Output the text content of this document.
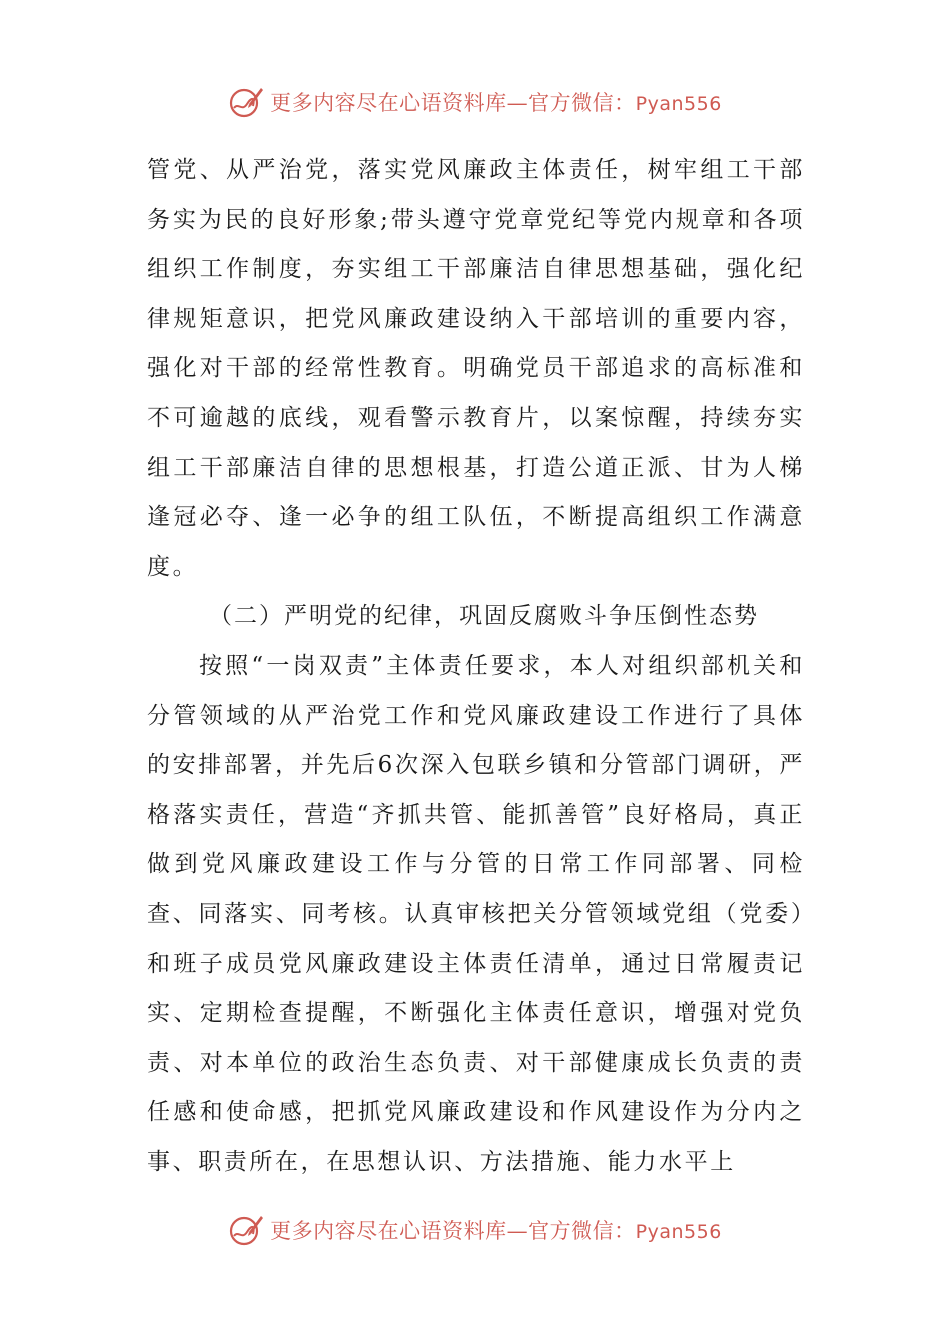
更多内容尽在心语资料库—官方微信：Pyan556

管党、从严治党，落实党风廉政主体责任，树牢组工干部务实为民的良好形象;带头遵守党章党纪等党内规章和各项组织工作制度，夯实组工干部廉洁自律思想基础，强化纪律规矩意识，把党风廉政建设纳入干部培训的重要内容，强化对干部的经常性教育。明确党员干部追求的高标准和不可逾越的底线，观看警示教育片，以案惊醒，持续夯实组工干部廉洁自律的思想根基，打造公道正派、甘为人梯逢冠必夺、逢一必争的组工队伍，不断提高组织工作满意度。

（二）严明党的纪律，巩固反腐败斗争压倒性态势

按照“一岗双责”主体责任要求，本人对组织部机关和分管领域的从严治党工作和党风廉政建设工作进行了具体的安排部署，并先后6次深入包联乡镇和分管部门调研，严格落实责任，营造“齐抓共管、能抓善管”良好格局，真正做到党风廉政建设工作与分管的日常工作同部署、同检查、同落实、同考核。认真审核把关分管领域党组（党委）和班子成员党风廉政建设主体责任清单，通过日常履责记实、定期检查提醒，不断强化主体责任意识，增强对党负责、对本单位的政治生态负责、对干部健康成长负责的责任感和使命感，把抓党风廉政建设和作风建设作为分内之事、职责所在，在思想认识、方法措施、能力水平上

更多内容尽在心语资料库—官方微信：Pyan556
